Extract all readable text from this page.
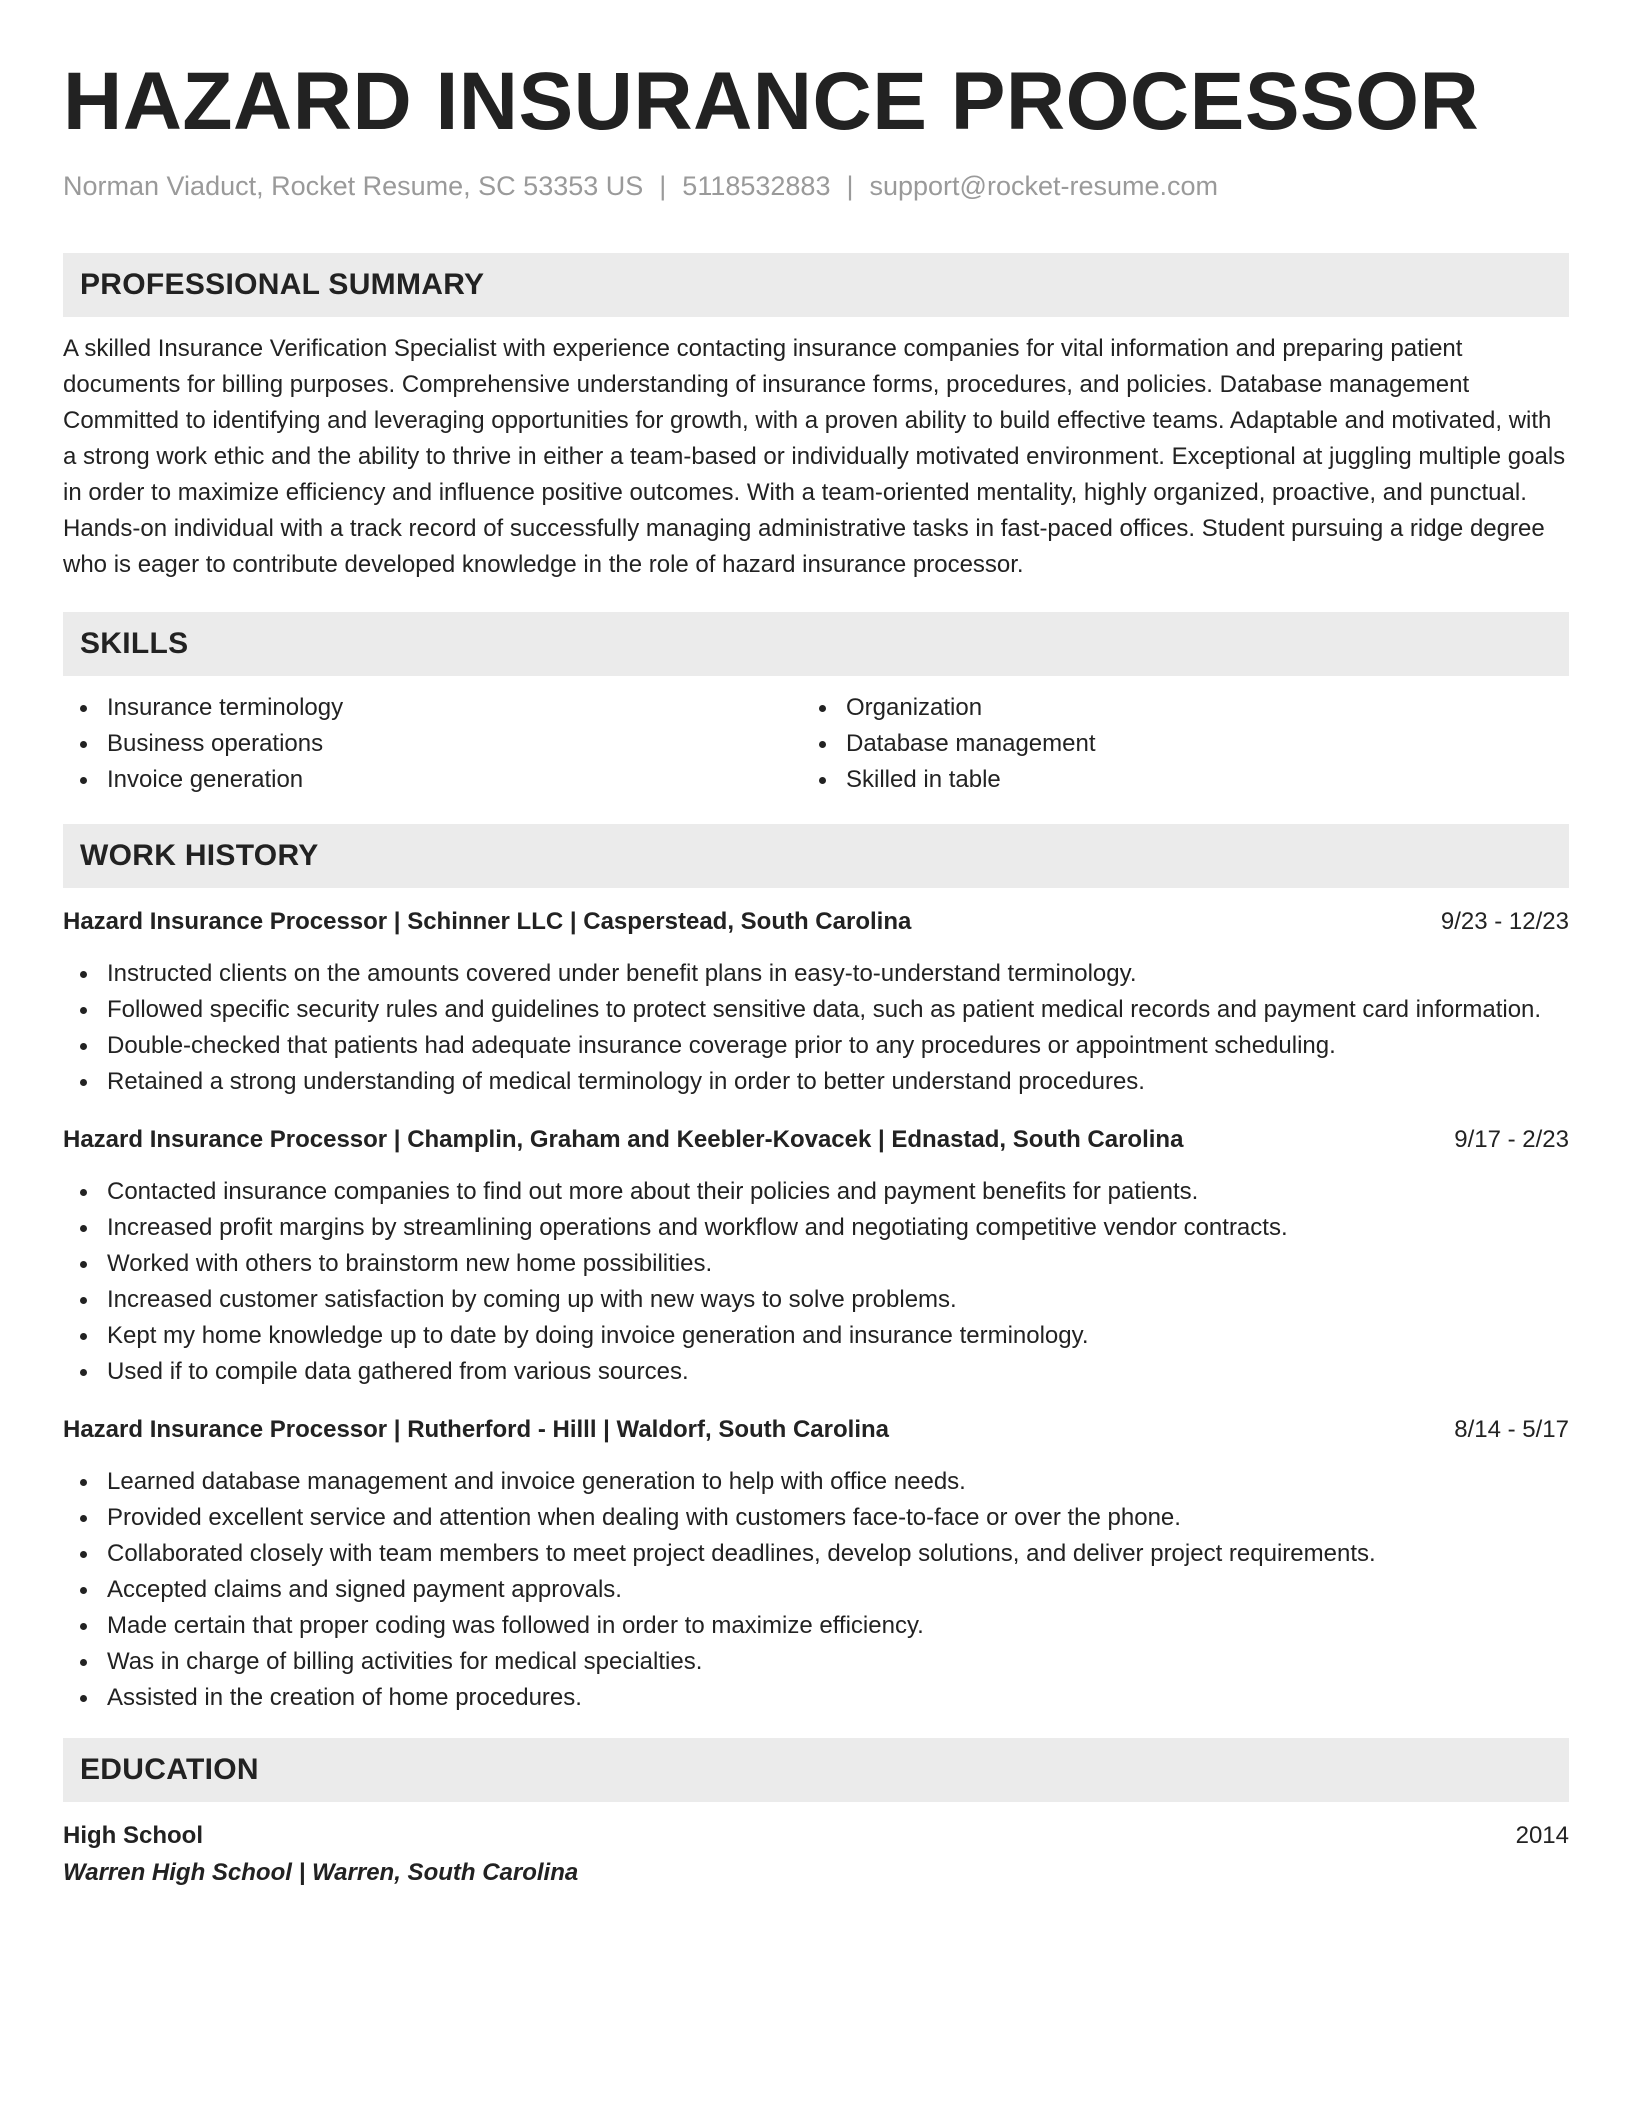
HAZARD INSURANCE PROCESSOR
Norman Viaduct, Rocket Resume, SC 53353 US | 5118532883 | support@rocket-resume.com
PROFESSIONAL SUMMARY
A skilled Insurance Verification Specialist with experience contacting insurance companies for vital information and preparing patient documents for billing purposes. Comprehensive understanding of insurance forms, procedures, and policies. Database management Committed to identifying and leveraging opportunities for growth, with a proven ability to build effective teams. Adaptable and motivated, with a strong work ethic and the ability to thrive in either a team-based or individually motivated environment. Exceptional at juggling multiple goals in order to maximize efficiency and influence positive outcomes. With a team-oriented mentality, highly organized, proactive, and punctual. Hands-on individual with a track record of successfully managing administrative tasks in fast-paced offices. Student pursuing a ridge degree who is eager to contribute developed knowledge in the role of hazard insurance processor.
SKILLS
Insurance terminology
Business operations
Invoice generation
Organization
Database management
Skilled in table
WORK HISTORY
Hazard Insurance Processor | Schinner LLC | Casperstead, South Carolina	9/23 - 12/23
Instructed clients on the amounts covered under benefit plans in easy-to-understand terminology.
Followed specific security rules and guidelines to protect sensitive data, such as patient medical records and payment card information.
Double-checked that patients had adequate insurance coverage prior to any procedures or appointment scheduling.
Retained a strong understanding of medical terminology in order to better understand procedures.
Hazard Insurance Processor | Champlin, Graham and Keebler-Kovacek | Ednastad, South Carolina	9/17 - 2/23
Contacted insurance companies to find out more about their policies and payment benefits for patients.
Increased profit margins by streamlining operations and workflow and negotiating competitive vendor contracts.
Worked with others to brainstorm new home possibilities.
Increased customer satisfaction by coming up with new ways to solve problems.
Kept my home knowledge up to date by doing invoice generation and insurance terminology.
Used if to compile data gathered from various sources.
Hazard Insurance Processor | Rutherford - Hilll | Waldorf, South Carolina	8/14 - 5/17
Learned database management and invoice generation to help with office needs.
Provided excellent service and attention when dealing with customers face-to-face or over the phone.
Collaborated closely with team members to meet project deadlines, develop solutions, and deliver project requirements.
Accepted claims and signed payment approvals.
Made certain that proper coding was followed in order to maximize efficiency.
Was in charge of billing activities for medical specialties.
Assisted in the creation of home procedures.
EDUCATION
High School	2014
Warren High School | Warren, South Carolina
